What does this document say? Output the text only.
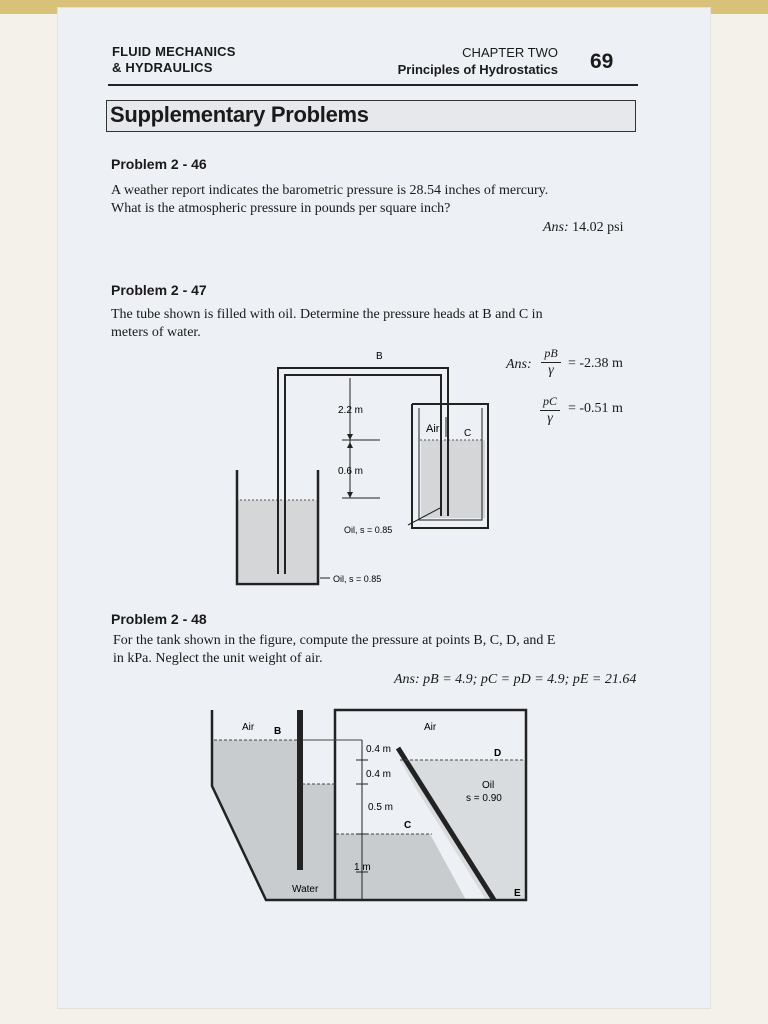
FLUID MECHANICS
& HYDRAULICS
CHAPTER TWO
Principles of Hydrostatics 69
Supplementary Problems
Problem 2 - 46
A weather report indicates the barometric pressure is 28.54 inches of mercury.
What is the atmospheric pressure in pounds per square inch?
Ans: 14.02 psi
Problem 2 - 47
The tube shown is filled with oil. Determine the pressure heads at B and C in
meters of water.
Ans: $\frac{pB}{\gamma} = -2.38$ m
$\frac{pC}{\gamma} = -0.51$ m
B
2.2 m
0.6 m
Air C
Oil, s = 0.85
Oil, s = 0.85
Problem 2 - 48
For the tank shown in the figure, compute the pressure at points B, C, D, and E
in kPa. Neglect the unit weight of air.
Ans: pB = 4.9; pC = pD = 4.9; pE = 21.64
Air B	Air
D
0.4 m
0.4 m
0.5 m
C
1 m
Oil
s = 0.90
Water	E
